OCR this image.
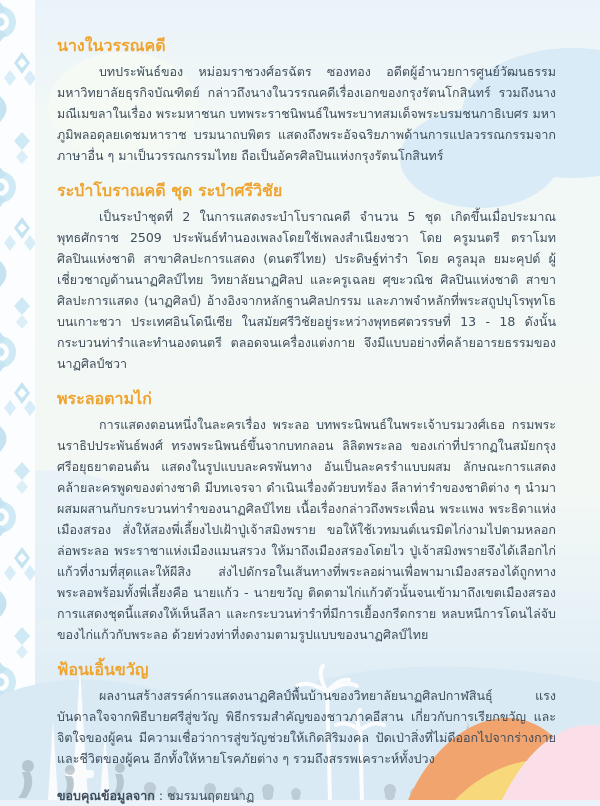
นางในวรรณคดี

บทประพันธ์ของ หม่อมราชวงศ์อรฉัตร ซองทอง อดีตผู้อำนวยการศูนย์วัฒนธรรม มหาวิทยาลัยธุรกิจบัณฑิตย์ กล่าวถึงนางในวรรณคดีเรื่องเอกของกรุงรัตนโกสินทร์ รวมถึงนางมณีเมขลาในเรื่อง พระมหาชนก บทพระราชนิพนธ์ในพระบาทสมเด็จพระบรมชนกาธิเบศร มหาภูมิพลอดุลยเดชมหาราช บรมนาถบพิตร แสดงถึงพระอัจฉริยภาพด้านการแปลวรรณกรรมจากภาษาอื่น ๆ มาเป็นวรรณกรรมไทย ถือเป็นอัครศิลปินแห่งกรุงรัตนโกสินทร์

ระบำโบราณคดี ชุด ระบำศรีวิชัย

เป็นระบำชุดที่ 2 ในการแสดงระบำโบราณคดี จำนวน 5 ชุด เกิดขึ้นเมื่อประมาณพุทธศักราช 2509 ประพันธ์ทำนองเพลงโดยใช้เพลงสำเนียงชวา โดย ครูมนตรี ตราโมท ศิลปินแห่งชาติ สาขาศิลปะการแสดง (ดนตรีไทย) ประดิษฐ์ท่ารำ โดย ครูลมุล ยมะคุปต์ ผู้เชี่ยวชาญด้านนาฏศิลป์ไทย วิทยาลัยนาฏศิลป และครูเฉลย ศุขะวณิช ศิลปินแห่งชาติ สาขาศิลปะการแสดง (นาฏศิลป์) อ้างอิงจากหลักฐานศิลปกรรม และภาพจำหลักที่พระสถูปบุโรพุทโธ บนเกาะชวา ประเทศอินโดนีเซีย ในสมัยศรีวิชัยอยู่ระหว่างพุทธศตวรรษที่ 13 - 18 ดังนั้นกระบวนท่ารำและทำนองดนตรี ตลอดจนเครื่องแต่งกาย จึงมีแบบอย่างที่คล้ายอารยธรรมของนาฏศิลป์ชวา

พระลอตามไก่

การแสดงตอนหนึ่งในละครเรื่อง พระลอ บทพระนิพนธ์ในพระเจ้าบรมวงศ์เธอ กรมพระนราธิปประพันธ์พงศ์ ทรงพระนิพนธ์ขึ้นจากบทกลอน ลิลิตพระลอ ของเก่าที่ปรากฏในสมัยกรุงศรีอยุธยาตอนต้น แสดงในรูปแบบละครพันทาง อันเป็นละครรำแบบผสม ลักษณะการแสดงคล้ายละครพูดของต่างชาติ มีบทเจรจา ดำเนินเรื่องด้วยบทร้อง ลีลาท่ารำของชาติต่าง ๆ นำมาผสมผสานกับกระบวนท่ารำของนาฏศิลป์ไทย เนื้อเรื่องกล่าวถึงพระเพื่อน พระแพง พระธิดาแห่งเมืองสรอง สั่งให้สองพี่เลี้ยงไปเฝ้าปู่เจ้าสมิงพราย ขอให้ใช้เวทมนต์เนรมิตไก่งามไปตามหลอกล่อพระลอ พระราชาแห่งเมืองแมนสรวง ให้มาถึงเมืองสรองโดยไว ปู่เจ้าสมิงพรายจึงได้เลือกไก่แก้วที่งามที่สุดและให้ผีสิง ส่งไปดักรอในเส้นทางที่พระลอผ่านเพื่อพามาเมืองสรองได้ถูกทาง พระลอพร้อมทั้งพี่เลี้ยงคือ นายแก้ว - นายขวัญ ติดตามไก่แก้วตัวนั้นจนเข้ามาถึงเขตเมืองสรอง การแสดงชุดนี้แสดงให้เห็นลีลา และกระบวนท่ารำที่มีการเยื้องกรีดกราย หลบหนีการโดนไล่จับของไก่แก้วกับพระลอ ด้วยท่วงท่าที่งดงามตามรูปแบบของนาฏศิลป์ไทย

ฟ้อนเอิ้นขวัญ

ผลงานสร้างสรรค์การแสดงนาฏศิลป์พื้นบ้านของวิทยาลัยนาฏศิลปกาฬสินธุ์ แรงบันดาลใจจากพิธีบายศรีสู่ขวัญ พิธีกรรมสำคัญของชาวภาคอีสาน เกี่ยวกับการเรียกขวัญ และจิตใจของผู้คน มีความเชื่อว่าการสู่ขวัญช่วยให้เกิดสิริมงคล ปัดเป่าสิ่งที่ไม่ดีออกไปจากร่างกายและชีวิตของผู้คน อีกทั้งให้หายโรคภัยต่าง ๆ รวมถึงสรรพเคราะห์ทั้งปวง

ขอบคุณข้อมูลจาก : ชมรมนฤตยนาฏ
